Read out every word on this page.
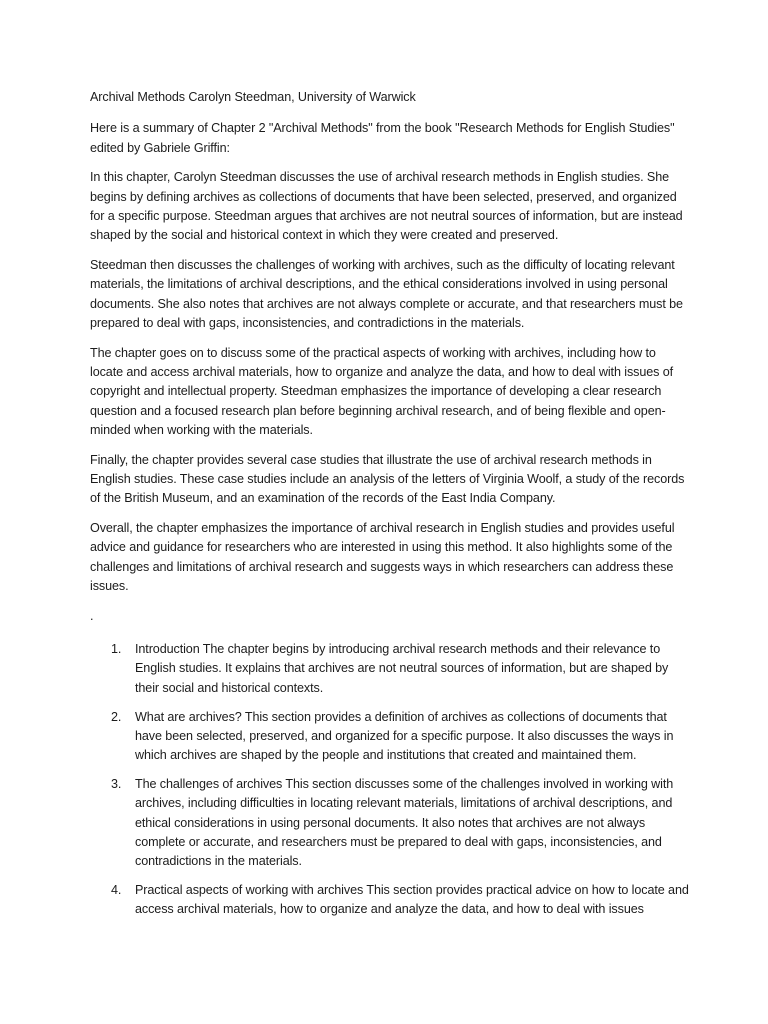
Archival Methods Carolyn Steedman, University of Warwick

Here is a summary of Chapter 2 "Archival Methods" from the book "Research Methods for English Studies" edited by Gabriele Griffin:

In this chapter, Carolyn Steedman discusses the use of archival research methods in English studies. She begins by defining archives as collections of documents that have been selected, preserved, and organized for a specific purpose. Steedman argues that archives are not neutral sources of information, but are instead shaped by the social and historical context in which they were created and preserved.

Steedman then discusses the challenges of working with archives, such as the difficulty of locating relevant materials, the limitations of archival descriptions, and the ethical considerations involved in using personal documents. She also notes that archives are not always complete or accurate, and that researchers must be prepared to deal with gaps, inconsistencies, and contradictions in the materials.

The chapter goes on to discuss some of the practical aspects of working with archives, including how to locate and access archival materials, how to organize and analyze the data, and how to deal with issues of copyright and intellectual property. Steedman emphasizes the importance of developing a clear research question and a focused research plan before beginning archival research, and of being flexible and open-minded when working with the materials.

Finally, the chapter provides several case studies that illustrate the use of archival research methods in English studies. These case studies include an analysis of the letters of Virginia Woolf, a study of the records of the British Museum, and an examination of the records of the East India Company.

Overall, the chapter emphasizes the importance of archival research in English studies and provides useful advice and guidance for researchers who are interested in using this method. It also highlights some of the challenges and limitations of archival research and suggests ways in which researchers can address these issues.

.

1.	Introduction The chapter begins by introducing archival research methods and their relevance to English studies. It explains that archives are not neutral sources of information, but are shaped by their social and historical contexts.
2.	What are archives? This section provides a definition of archives as collections of documents that have been selected, preserved, and organized for a specific purpose. It also discusses the ways in which archives are shaped by the people and institutions that created and maintained them.
3.	The challenges of archives This section discusses some of the challenges involved in working with archives, including difficulties in locating relevant materials, limitations of archival descriptions, and ethical considerations in using personal documents. It also notes that archives are not always complete or accurate, and researchers must be prepared to deal with gaps, inconsistencies, and contradictions in the materials.
4.	Practical aspects of working with archives This section provides practical advice on how to locate and access archival materials, how to organize and analyze the data, and how to deal with issues
